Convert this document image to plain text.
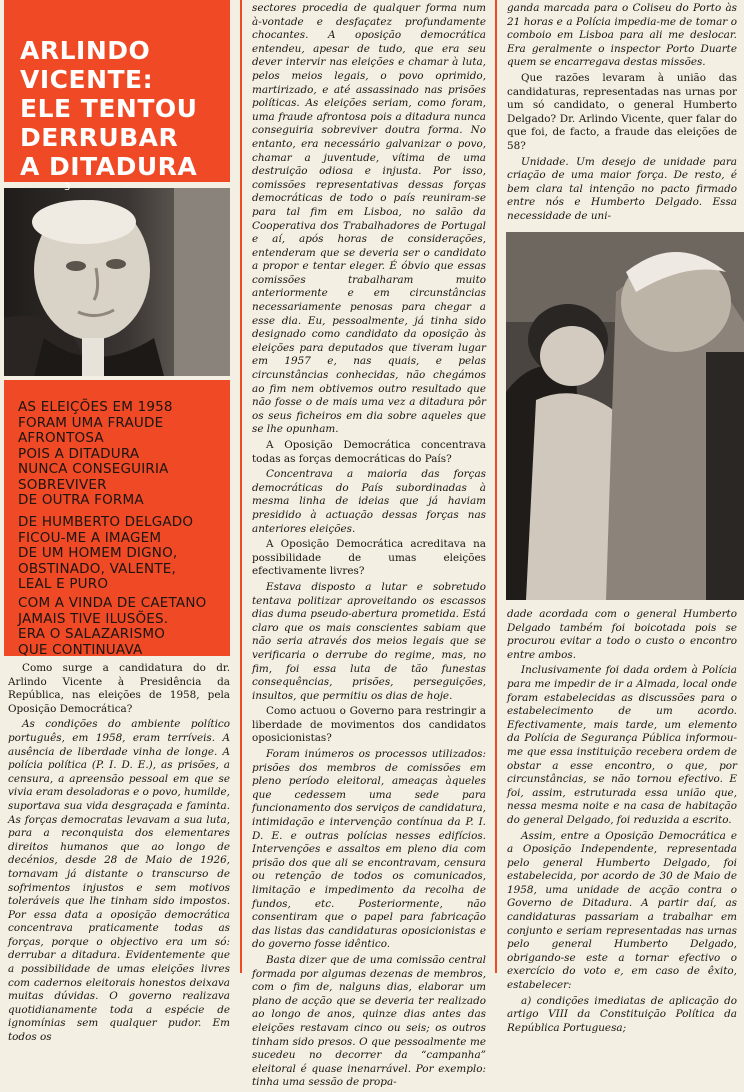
ARLINDO
VICENTE:
ELE TENTOU
DERRUBAR
A DITADURA
3

AS ELEIÇÕES EM 1958
FORAM UMA FRAUDE
AFRONTOSA
POIS A DITADURA
NUNCA CONSEGUIRIA
SOBREVIVER
DE OUTRA FORMA

DE HUMBERTO DELGADO
FICOU-ME A IMAGEM
DE UM HOMEM DIGNO,
OBSTINADO, VALENTE,
LEAL E PURO

COM A VINDA DE CAETANO
JAMAIS TIVE ILUSÕES.
ERA O SALAZARISMO
QUE CONTINUAVA

Como surge a candidatura do dr. Arlindo Vicente à Presidência da República, nas eleições de 1958, pela Oposição Democrática?

As condições do ambiente político português, em 1958, eram terríveis. A ausência de liberdade vinha de longe. A polícia política (P. I. D. E.), as prisões, a censura, a apreensão pessoal em que se vivia eram desoladoras e o povo, humilde, suportava sua vida desgraçada e faminta. As forças democratas levavam a sua luta, para a reconquista dos elementares direitos humanos que ao longo de decénios, desde 28 de Maio de 1926, tornavam já distante o transcurso de sofrimentos injustos e sem motivos toleráveis que lhe tinham sido impostos. Por essa data a oposição democrática concentrava praticamente todas as forças, porque o objectivo era um só: derrubar a ditadura. Evidentemente que a possibilidade de umas eleições livres com cadernos eleitorais honestos deixava muitas dúvidas. O governo realizava quotidianamente toda a espécie de ignomínias sem qualquer pudor. Em todos os

sectores procedia de qualquer forma num à-vontade e desfaçatez profundamente chocantes. A oposição democrática entendeu, apesar de tudo, que era seu dever intervir nas eleições e chamar à luta, pelos meios legais, o povo oprimido, martirizado, e até assassinado nas prisões políticas. As eleições seriam, como foram, uma fraude afrontosa pois a ditadura nunca conseguiria sobreviver doutra forma. No entanto, era necessário galvanizar o povo, chamar a juventude, vítima de uma destruição odiosa e injusta. Por isso, comissões representativas dessas forças democráticas de todo o país reuniram-se para tal fim em Lisboa, no salão da Cooperativa dos Trabalhadores de Portugal e aí, após horas de considerações, entenderam que se deveria ser o candidato a propor e tentar eleger. É óbvio que essas comissões trabalharam muito anteriormente e em circunstâncias necessariamente penosas para chegar a esse dia. Eu, pessoalmente, já tinha sido designado como candidato da oposição às eleições para deputados que tiveram lugar em 1957 e, nas quais, e pelas circunstâncias conhecidas, não chegámos ao fim nem obtivemos outro resultado que não fosse o de mais uma vez a ditadura pôr os seus ficheiros em dia sobre aqueles que se lhe opunham.

A Oposição Democrática concentrava todas as forças democráticas do País?

Concentrava a maioria das forças democráticas do País subordinadas à mesma linha de ideias que já haviam presidido à actuação dessas forças nas anteriores eleições.

A Oposição Democrática acreditava na possibilidade de umas eleições efectivamente livres?

Estava disposto a lutar e sobretudo tentava politizar aproveitando os escassos dias duma pseudo-abertura prometida. Está claro que os mais conscientes sabiam que não seria através dos meios legais que se verificaria o derrube do regime, mas, no fim, foi essa luta de tão funestas consequências, prisões, perseguições, insultos, que permitiu os dias de hoje.

Como actuou o Governo para restringir a liberdade de movimentos dos candidatos oposicionistas?

Foram inúmeros os processos utilizados: prisões dos membros de comissões em pleno período eleitoral, ameaças àqueles que cedessem uma sede para funcionamento dos serviços de candidatura, intimidação e intervenção contínua da P. I. D. E. e outras polícias nesses edifícios. Intervenções e assaltos em pleno dia com prisão dos que ali se encontravam, censura ou retenção de todos os comunicados, limitação e impedimento da recolha de fundos, etc. Posteriormente, não consentiram que o papel para fabricação das listas das candidaturas oposicionistas e do governo fosse idêntico.

Basta dizer que de uma comissão central formada por algumas dezenas de membros, com o fim de, nalguns dias, elaborar um plano de acção que se deveria ter realizado ao longo de anos, quinze dias antes das eleições restavam cinco ou seis; os outros tinham sido presos. O que pessoalmente me sucedeu no decorrer da “campanha” eleitoral é quase inenarrável. Por exemplo: tinha uma sessão de propa-

ganda marcada para o Coliseu do Porto às 21 horas e a Polícia impedia-me de tomar o comboio em Lisboa para ali me deslocar. Era geralmente o inspector Porto Duarte quem se encarregava destas missões.

Que razões levaram à união das candidaturas, representadas nas urnas por um só candidato, o general Humberto Delgado? Dr. Arlindo Vicente, quer falar do que foi, de facto, a fraude das eleições de 58?

Unidade. Um desejo de unidade para criação de uma maior força. De resto, é bem clara tal intenção no pacto firmado entre nós e Humberto Delgado. Essa necessidade de uni-

dade acordada com o general Humberto Delgado também foi boicotada pois se procurou evitar a todo o custo o encontro entre ambos.

Inclusivamente foi dada ordem à Polícia para me impedir de ir a Almada, local onde foram estabelecidas as discussões para o estabelecimento de um acordo. Efectivamente, mais tarde, um elemento da Polícia de Segurança Pública informou-me que essa instituição recebera ordem de obstar a esse encontro, o que, por circunstâncias, se não tornou efectivo. E foi, assim, estruturada essa união que, nessa mesma noite e na casa de habitação do general Delgado, foi reduzida a escrito.

Assim, entre a Oposição Democrática e a Oposição Independente, representada pelo general Humberto Delgado, foi estabelecida, por acordo de 30 de Maio de 1958, uma unidade de acção contra o Governo de Ditadura. A partir daí, as candidaturas passariam a trabalhar em conjunto e seriam representadas nas urnas pelo general Humberto Delgado, obrigando-se este a tornar efectivo o exercício do voto e, em caso de êxito, estabelecer:

a) condições imediatas de aplicação do artigo VIII da Constituição Política da República Portuguesa;
